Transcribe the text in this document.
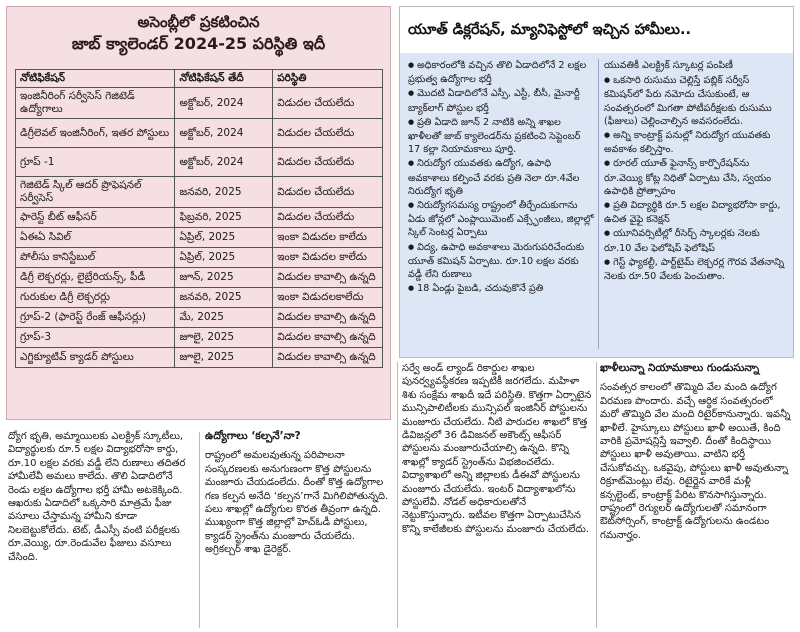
అసెంబ్లీలో ప్రకటించిన
జాబ్ క్యాలెండర్ 2024-25 పరిస్థితి ఇదీ
నోటిఫికేషన్	నోటిఫికేషన్ తేదీ	పరిస్థితి
ఇంజినీరింగ్ సర్వీసెస్ గెజిటెడ్ ఉద్యోగాలు	అక్టోబర్, 2024	విడుదల చేయలేదు
డిగ్రీలెవల్ ఇంజినీరింగ్, ఇతర పోస్టులు	అక్టోబర్, 2024	విడుదల చేయలేదు
గ్రూప్ -1	అక్టోబర్, 2024	విడుదల చేయలేదు
గెజిటెడ్ స్కిల్ ఆదర్ ప్రొఫెషనల్ సర్వీసెస్	జనవరి, 2025	విడుదల చేయలేదు
ఫారెస్ట్ బీట్ ఆఫీసర్	ఫిబ్రవరి, 2025	విడుదల చేయలేదు
ఏఈఏ సివిల్	ఏప్రిల్, 2025	ఇంకా విడుదల కాలేదు
పోలీసు కానిస్టేబుల్	ఏప్రిల్, 2025	ఇంకా విడుదల కాలేదు
డిగ్రీ లెక్చరర్లు, లైబ్రేరియన్స్, పీడీ	జూన్, 2025	విడుదల కావాల్సి ఉన్నది
గురుకుల డిగ్రీ లెక్చరర్లు	జనవరి, 2025	ఇంకా విడుదలకాలేదు
గ్రూప్-2 (ఫారెస్ట్ రేంజ్ ఆఫీసర్లు)	మే, 2025	విడుదల కావాల్సి ఉన్నది
గ్రూప్-3	జూలై, 2025	విడుదల కావాల్సి ఉన్నది
ఎగ్జిక్యూటివ్ క్యాడర్ పోస్టులు	జూలై, 2025	విడుదల కావాల్సి ఉన్నది
యూత్ డిక్లరేషన్, మ్యానిఫెస్టోలో ఇచ్చిన హామీలు..
● అధికారంలోకి వచ్చిన తొలి ఏడాదిలోనే 2 లక్షల ప్రభుత్వ ఉద్యోగాల భర్తీ
● మొదటి ఏడాదిలోనే ఎస్సీ, ఎస్టీ, బీసీ, మైనార్టీ బ్యాక్‌లాగ్ పోస్టుల భర్తీ
● ప్రతి ఏడాది జూన్ 2 నాటికి అన్ని శాఖల ఖాళీలతో జాబ్ క్యాలెండర్‌ను ప్రకటించి సెప్టెంబర్ 17 కల్లా నియామకాలు పూర్తి.
● నిరుద్యోగ యువతకు ఉద్యోగ, ఉపాధి అవకాశాలు కల్పించే వరకు ప్రతి నెలా రూ.4వేల నిరుద్యోగ భృతి
● నిరుద్యోగసమస్య రాష్ట్రంలో తీర్చేందుకుగాను ఏడు జోన్లలో ఎంప్లాయిమెంట్ ఎక్స్ఛేంజీలు, జిల్లాల్లో స్కిల్ సెంటర్ల ఏర్పాటు
● విద్య, ఉపాధి అవకాశాలు మెరుగుపరిచేందుకు యూత్ కమిషన్ ఏర్పాటు. రూ.10 లక్షల వరకు వడ్డీ లేని రుణాలు
● 18 ఏండ్లు పైబడి, చదువుకొనే ప్రతి
యువతికీ ఎలక్ట్రిక్ స్కూటర్ల పంపిణీ
● ఒకసారి రుసుము చెల్లిస్తే పబ్లిక్ సర్వీస్ కమిషన్‌లో పేరు నమోదు చేసుకుంటే, ఆ సంవత్సరంలో మిగతా పోటీపరీక్షలకు రుసుము (ఫీజులు) చెల్లించాల్సిన అవసరంలేదు.
● అన్ని కాంట్రాక్ట్ పనుల్లో నిరుద్యోగ యువతకు అవకాశం కల్పిస్తాం.
● రూరల్ యూత్ ఫైనాన్స్ కార్పొరేషన్‌ను రూ.వెయ్యి కోట్ల నిధితో ఏర్పాటు చేసి, స్వయం ఉపాధికి ప్రోత్సాహం
● ప్రతి విద్యార్థికి రూ.5 లక్షల విద్యాభరోసా కార్డు, ఉచిత వైఫై కనెక్షన్
● యూనివర్సిటీల్లో రీసెర్చ్ స్కాలర్లకు నెలకు రూ.10 వేల ఫెలోషిప్ ఫెలోషిప్
● గెస్ట్ ఫ్యాకల్టీ, పార్ట్‌టైమ్ లెక్చరర్ల గౌరవ వేతనాన్ని నెలకు రూ.50 వేలకు పెంచుతాం.
ద్యోగ భృతి, అమ్మాయిలకు ఎలక్ట్రిక్ స్కూటీలు, విద్యార్థులకు రూ.5 లక్షల విద్యాభరోసా కార్డు, రూ.10 లక్షల వరకు వడ్డీ లేని రుణాలు తదితర హామీలేవీ అమలు కాలేదు. తొలి ఏడాదిలోనే రెండు లక్షల ఉద్యోగాల భర్తీ హామీ అటకెక్కింది. ఆఖరుకు ఏడాదిలో ఒక్కసారి మాత్రమే ఫీజు వసూలు చేస్తామన్న హామీని కూడా నిలబెట్టుకోలేదు. టెట్, డీఎస్సీ వంటి పరీక్షలకు రూ.వెయ్యి, రూ.రెండువేల ఫీజులు వసూలు చేసింది.
ఉద్యోగాలు ‘కల్పనే’నా?
రాష్ట్రంలో అమలవుతున్న పరిపాలనా సంస్కరణలకు అనుగుణంగా కొత్త పోస్టులను మంజూరు చేయడంలేదు. దీంతో కొత్త ఉద్యోగాల గణ కల్పన అనేది ‘కల్పన’గానే మిగిలిపోతున్నది. పలు శాఖల్లో ఉద్యోగుల కొరత తీవ్రంగా ఉన్నది. ముఖ్యంగా కొత్త జిల్లాల్లో హెచ్‌ఓడీ పోస్టులు, క్యాడర్ స్ట్రెంత్‌ను మంజూరు చేయలేదు. అగ్రికల్చర్ శాఖ డైరెక్టర్.
సర్వే అండ్ ల్యాండ్ రికార్డుల శాఖల పునర్వ్యవస్థీకరణ ఇప్పటికీ జరగలేదు. మహిళా శిశు సంక్షేమ శాఖదీ ఇదే పరిస్థితి. కొత్తగా ఏర్పాటైన మున్సిపాలిటీలకు మున్సిపల్ ఇంజినీర్ పోస్టులను మంజూరు చేయలేదు. నీటి పారుదల శాఖలో కొత్త డివిజన్లలో 36 డివిజనల్ అకౌంట్స్ ఆఫీసర్ పోస్టులను మంజూరుచేయాల్సి ఉన్నది. కొన్ని శాఖల్లో క్యాడర్ స్ట్రెంత్‌ను విభజించలేదు. విద్యాశాఖలో అన్ని జిల్లాలకు డీఈవో పోస్టులను మంజూరు చేయలేదు. ఇంటర్ విద్యాశాఖలోను పోస్టులేవీ. నోడల్ అధికారులతోనే నెట్టుకొస్తున్నారు. ఇటీవల కొత్తగా ఏర్పాటుచేసిన కొన్ని కాలేజీలకు పోస్టులను మంజూరు చేయలేదు.
ఖాళీలున్నా నియామకాలు గుండుసున్నా
సంవత్సర కాలంలో తొమ్మిది వేల మంది ఉద్యోగ విరమణ పొందారు. వచ్చే ఆర్థిక సంవత్సరంలో మరో తొమ్మిది వేల మంది రిటైర్‌కానున్నారు. ఇవన్నీ ఖాళీలే. హైస్కూలు పోస్టులు ఖాళీ అయితే, కింది వారికి ప్రమోషన్లిస్తే ఇవ్వాలి. దీంతో కిందిస్థాయి పోస్టులు ఖాళీ అవుతాయి. వాటిని భర్తీ చేసుకోవచ్చు. ఒకవైపు, పోస్టులు ఖాళీ అవుతున్నా రిక్రూట్‌మెంట్లు లేవు. రిటైర్డైన వారికే మళ్లీ కన్సల్టెంట్, కాంట్రాక్ట్ పేరిట కొనసాగిస్తున్నారు. రాష్ట్రంలో రెగ్యులర్ ఉద్యోగులతో సమానంగా ఔట్‌సోర్సింగ్, కాంట్రాక్ట్ ఉద్యోగులను ఉండటం గమనార్హం.
